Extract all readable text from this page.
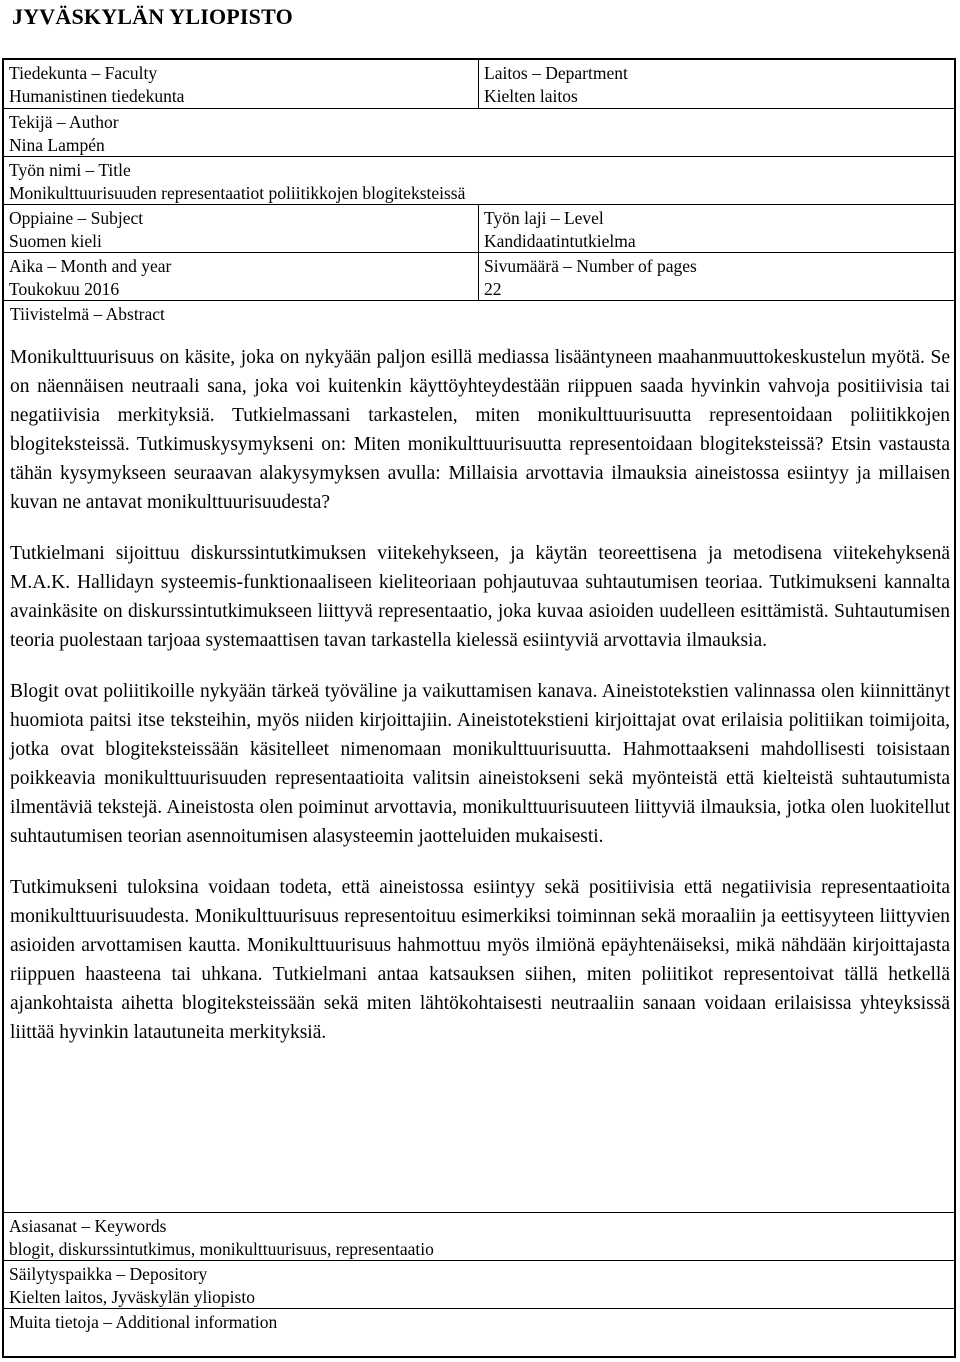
JYVÄSKYLÄN YLIOPISTO
Tiedekunta – Faculty
Humanistinen tiedekunta
Laitos – Department
Kielten laitos
Tekijä – Author
Nina Lampén
Työn nimi – Title
Monikulttuurisuuden representaatiot poliitikkojen blogiteksteissä
Oppiaine – Subject
Suomen kieli
Työn laji – Level
Kandidaatintutkielma
Aika – Month and year
Toukokuu 2016
Sivumäärä – Number of pages
22
Tiivistelmä – Abstract

Monikulttuurisuus on käsite, joka on nykyään paljon esillä mediassa lisääntyneen maahanmuuttokeskustelun myötä. Se on näennäisen neutraali sana, joka voi kuitenkin käyttöyhteydestään riippuen saada hyvinkin vahvoja positiivisia tai negatiivisia merkityksiä. Tutkielmassani tarkastelen, miten monikulttuurisuutta representoidaan poliitikkojen blogiteksteissä. Tutkimuskysymykseni on: Miten monikulttuurisuutta representoidaan blogiteksteissä? Etsin vastausta tähän kysymykseen seuraavan alakysymyksen avulla: Millaisia arvottavia ilmauksia aineistossa esiintyy ja millaisen kuvan ne antavat monikulttuurisuudesta?

Tutkielmani sijoittuu diskurssintutkimuksen viitekehykseen, ja käytän teoreettisena ja metodisena viitekehyksenä M.A.K. Hallidayn systeemis-funktionaaliseen kieliteoriaan pohjautuvaa suhtautumisen teoriaa. Tutkimukseni kannalta avainkäsite on diskurssintutkimukseen liittyvä representaatio, joka kuvaa asioiden uudelleen esittämistä. Suhtautumisen teoria puolestaan tarjoaa systemaattisen tavan tarkastella kielessä esiintyviä arvottavia ilmauksia.

Blogit ovat poliitikoille nykyään tärkeä työväline ja vaikuttamisen kanava. Aineistotekstien valinnassa olen kiinnittänyt huomiota paitsi itse teksteihin, myös niiden kirjoittajiin. Aineistotekstieni kirjoittajat ovat erilaisia politiikan toimijoita, jotka ovat blogiteksteissään käsitelleet nimenomaan monikulttuurisuutta. Hahmottaakseni mahdollisesti toisistaan poikkeavia monikulttuurisuuden representaatioita valitsin aineistokseni sekä myönteistä että kielteistä suhtautumista ilmentäviä tekstejä. Aineistosta olen poiminut arvottavia, monikulttuurisuuteen liittyviä ilmauksia, jotka olen luokitellut suhtautumisen teorian asennoitumisen alasysteemin jaotteluiden mukaisesti.

Tutkimukseni tuloksina voidaan todeta, että aineistossa esiintyy sekä positiivisia että negatiivisia representaatioita monikulttuurisuudesta. Monikulttuurisuus representoituu esimerkiksi toiminnan sekä moraaliin ja eettisyyteen liittyvien asioiden arvottamisen kautta. Monikulttuurisuus hahmottuu myös ilmiönä epäyhtenäiseksi, mikä nähdään kirjoittajasta riippuen haasteena tai uhkana. Tutkielmani antaa katsauksen siihen, miten poliitikot representoivat tällä hetkellä ajankohtaista aihetta blogiteksteissään sekä miten lähtökohtaisesti neutraaliin sanaan voidaan erilaisissa yhteyksissä liittää hyvinkin latautuneita merkityksiä.

Asiasanat – Keywords
blogit, diskurssintutkimus, monikulttuurisuus, representaatio
Säilytyspaikka – Depository
Kielten laitos, Jyväskylän yliopisto
Muita tietoja – Additional information
